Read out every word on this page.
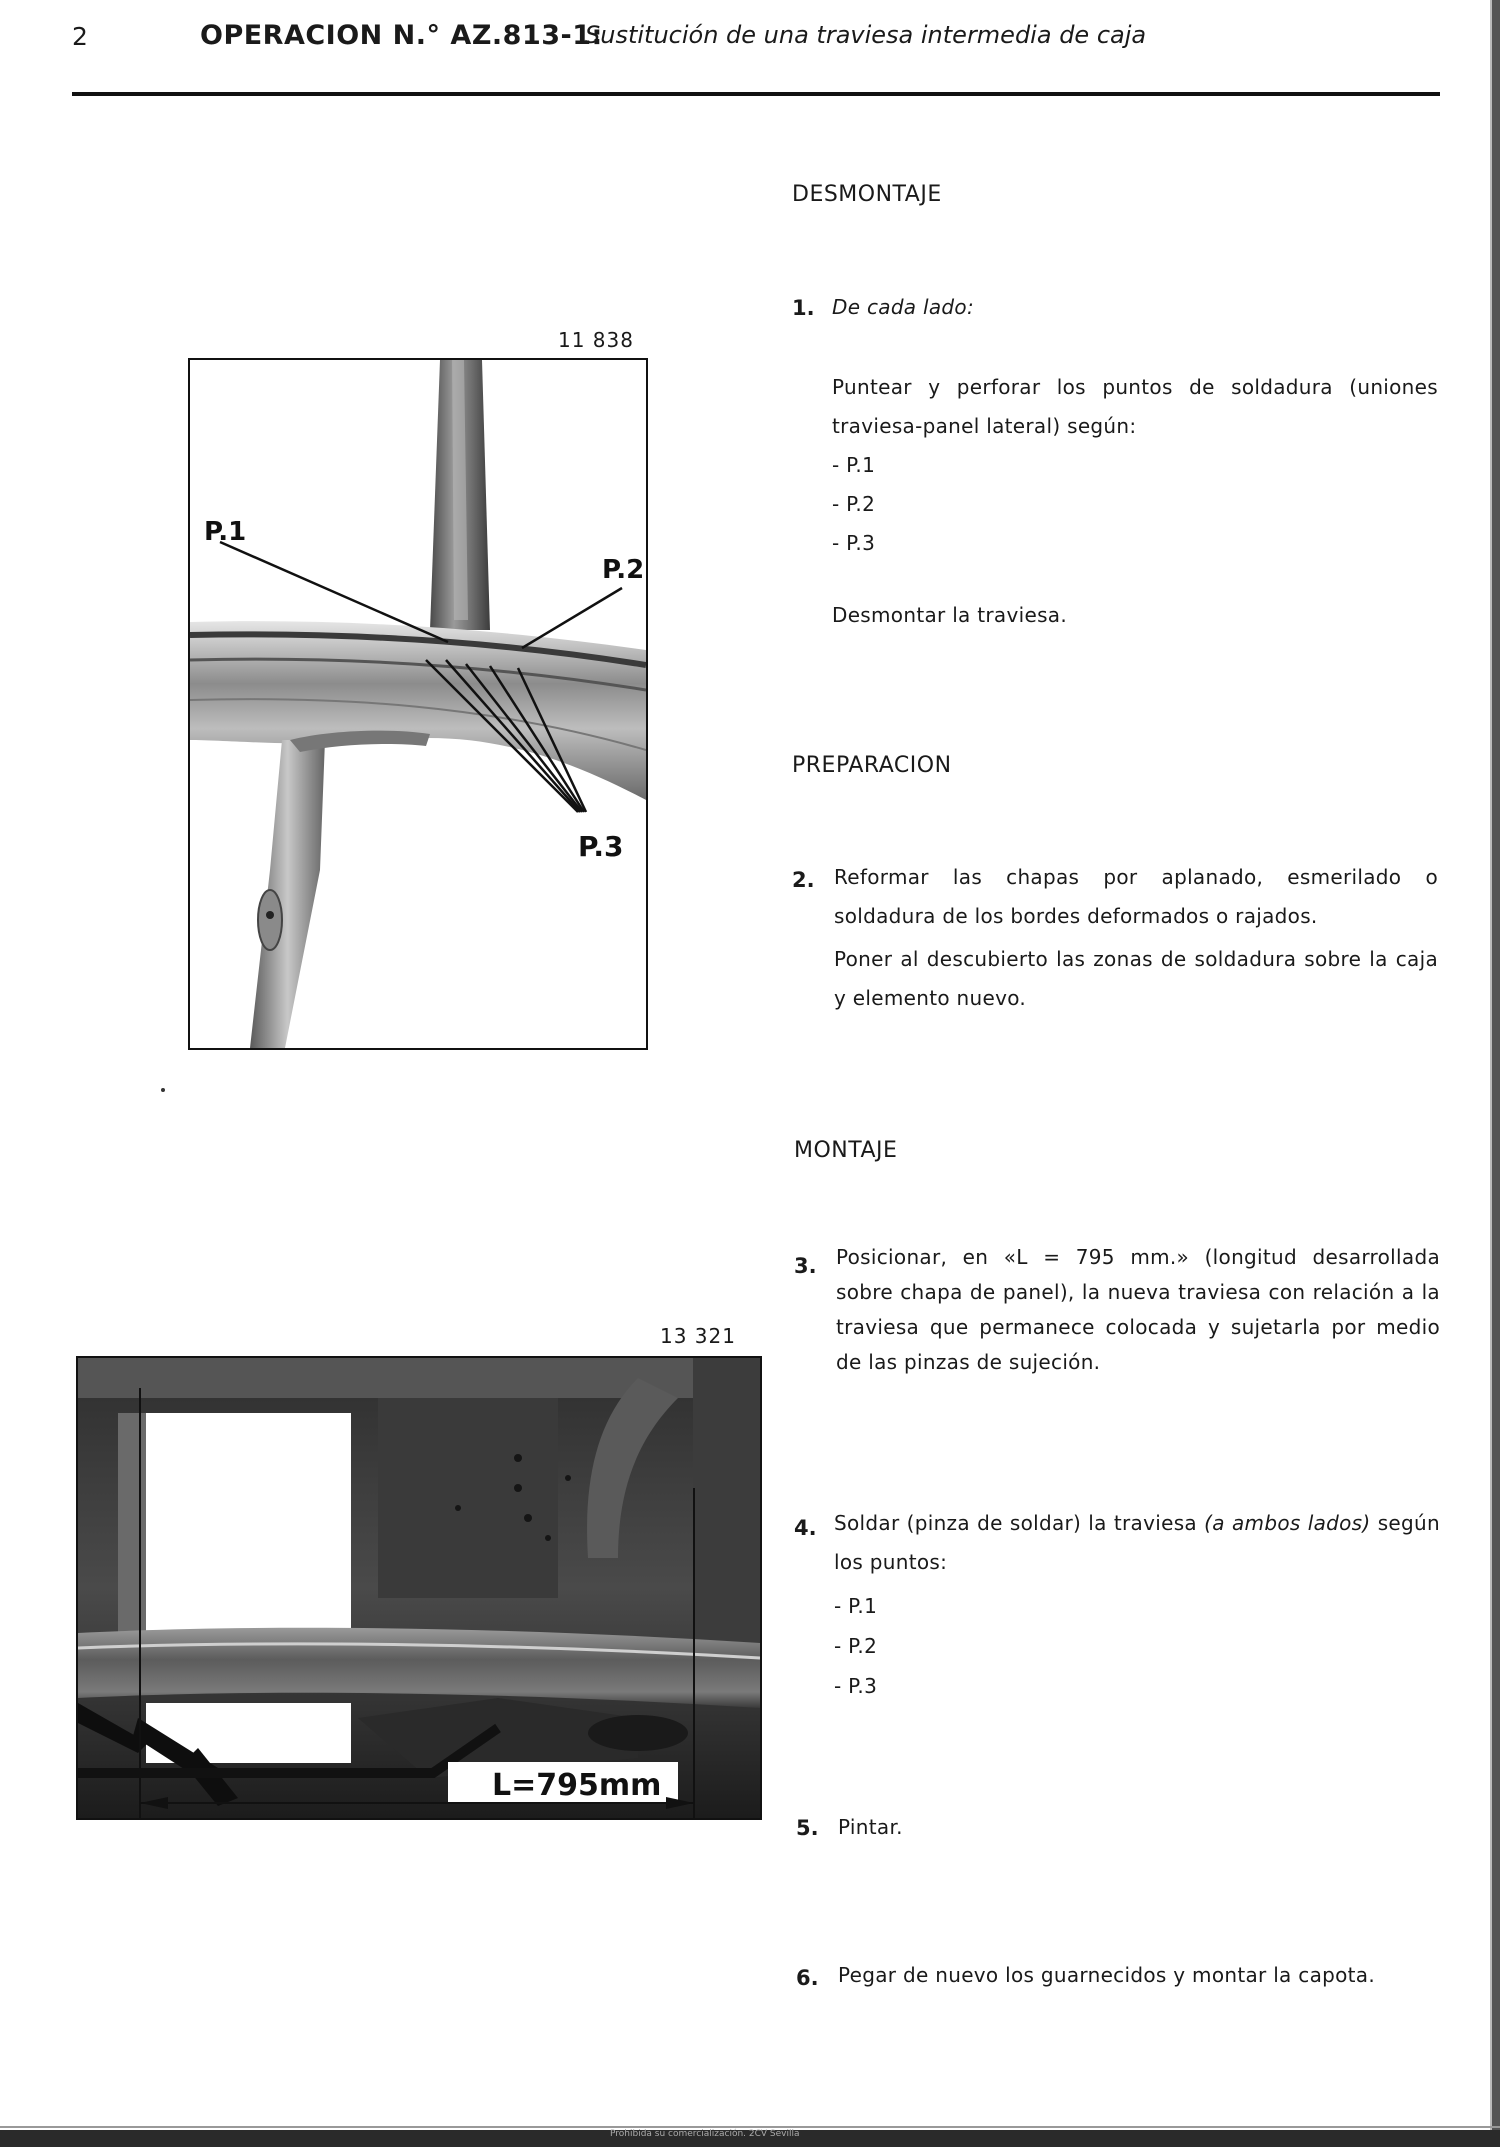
2	OPERACION N.° AZ.813-1:
Sustitución de una traviesa intermedia de caja
DESMONTAJE
1. De cada lado:
Puntear y perforar los puntos de soldadura (uniones traviesa-panel lateral) según:
- P.1
- P.2
- P.3
Desmontar la traviesa.
PREPARACION
2. Reformar las chapas por aplanado, esmerilado o soldadura de los bordes deformados o rajados.
Poner al descubierto las zonas de soldadura sobre la caja y elemento nuevo.
MONTAJE
3. Posicionar, en «L = 795 mm.» (longitud desarrollada sobre chapa de panel), la nueva traviesa con relación a la traviesa que permanece colocada y sujetarla por medio de las pinzas de sujeción.
4. Soldar (pinza de soldar) la traviesa (a ambos lados) según los puntos:
- P.1
- P.2
- P.3
5. Pintar.
6. Pegar de nuevo los guarnecidos y montar la capota.
11 838
P.1
P.2
P.3
13 321
L=795mm
Prohibida su comercialización. 2CV Sevilla
